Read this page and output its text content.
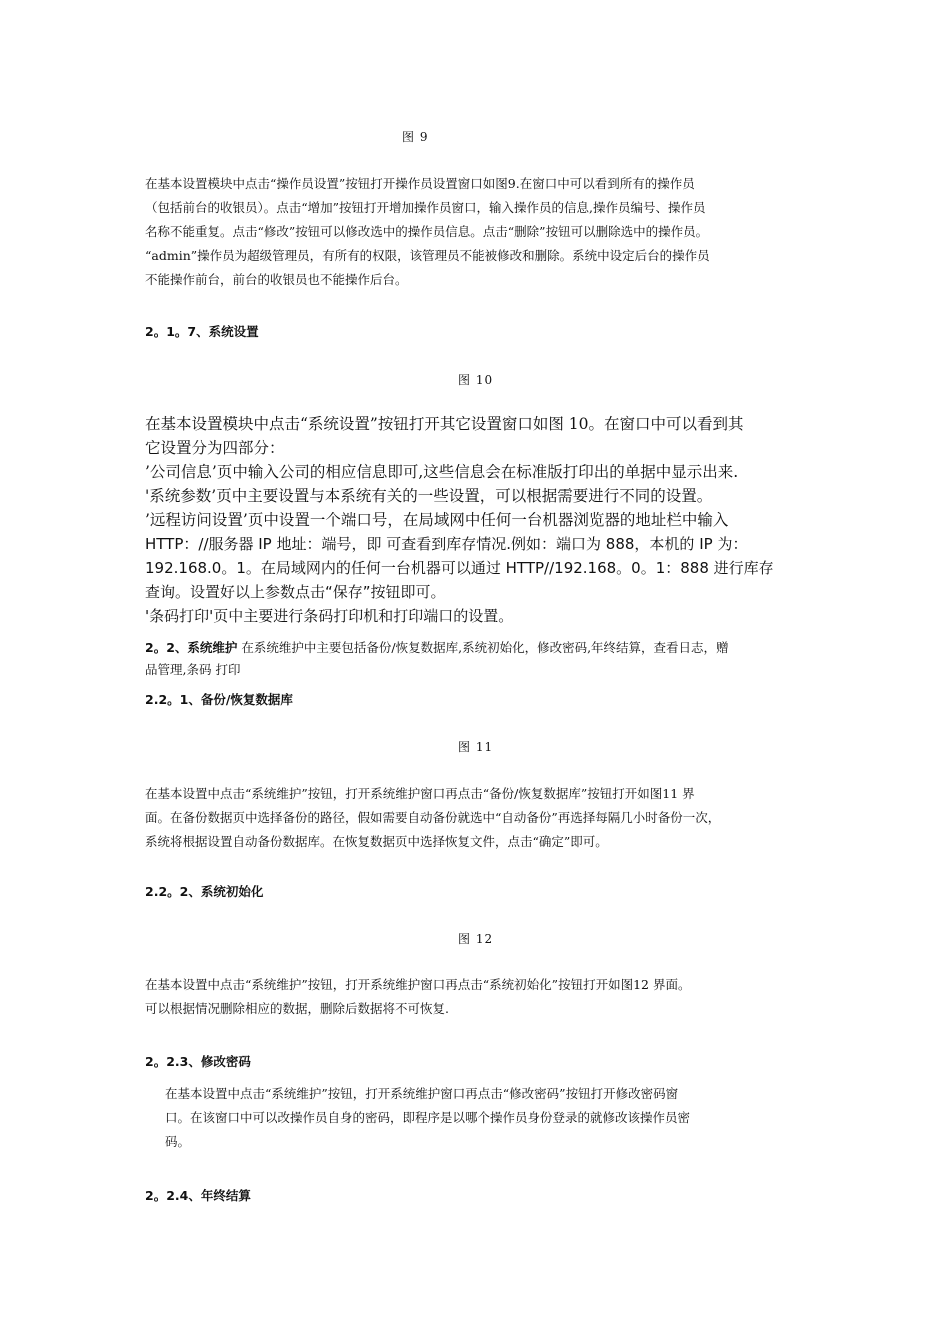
图 9
在基本设置模块中点击“操作员设置”按钮打开操作员设置窗口如图9.在窗口中可以看到所有的操作员
（包括前台的收银员）。点击“增加”按钮打开增加操作员窗口，输入操作员的信息,操作员编号、操作员
名称不能重复。点击“修改”按钮可以修改选中的操作员信息。点击“删除”按钮可以删除选中的操作员。
“admin”操作员为超级管理员，有所有的权限，该管理员不能被修改和删除。系统中设定后台的操作员
不能操作前台，前台的收银员也不能操作后台。
2。1。7、系统设置
图 10
在基本设置模块中点击“系统设置”按钮打开其它设置窗口如图 10。在窗口中可以看到其
它设置分为四部分：
’公司信息’页中输入公司的相应信息即可,这些信息会在标准版打印出的单据中显示出来.
'系统参数’页中主要设置与本系统有关的一些设置，可以根据需要进行不同的设置。
’远程访问设置’页中设置一个端口号，在局域网中任何一台机器浏览器的地址栏中输入
HTTP：//服务器 IP 地址：端号，即 可查看到库存情况.例如：端口为 888，本机的 IP 为：
192.168.0。1。在局域网内的任何一台机器可以通过 HTTP//192.168。0。1：888 进行库存
查询。设置好以上参数点击“保存”按钮即可。
'条码打印'页中主要进行条码打印机和打印端口的设置。
2。2、系统维护 在系统维护中主要包括备份/恢复数据库,系统初始化，修改密码,年终结算，查看日志，赠
品管理,条码 打印
2.2。1、备份/恢复数据库
图 11
在基本设置中点击“系统维护”按钮，打开系统维护窗口再点击“备份/恢复数据库”按钮打开如图11 界
面。在备份数据页中选择备份的路径，假如需要自动备份就选中“自动备份”再选择每隔几小时备份一次，
系统将根据设置自动备份数据库。在恢复数据页中选择恢复文件，点击“确定”即可。
2.2。2、系统初始化
图 12
在基本设置中点击“系统维护”按钮，打开系统维护窗口再点击“系统初始化”按钮打开如图12 界面。
可以根据情况删除相应的数据，删除后数据将不可恢复.
2。2.3、修改密码
在基本设置中点击“系统维护”按钮，打开系统维护窗口再点击“修改密码”按钮打开修改密码窗
口。在该窗口中可以改操作员自身的密码，即程序是以哪个操作员身份登录的就修改该操作员密
码。
2。2.4、年终结算
